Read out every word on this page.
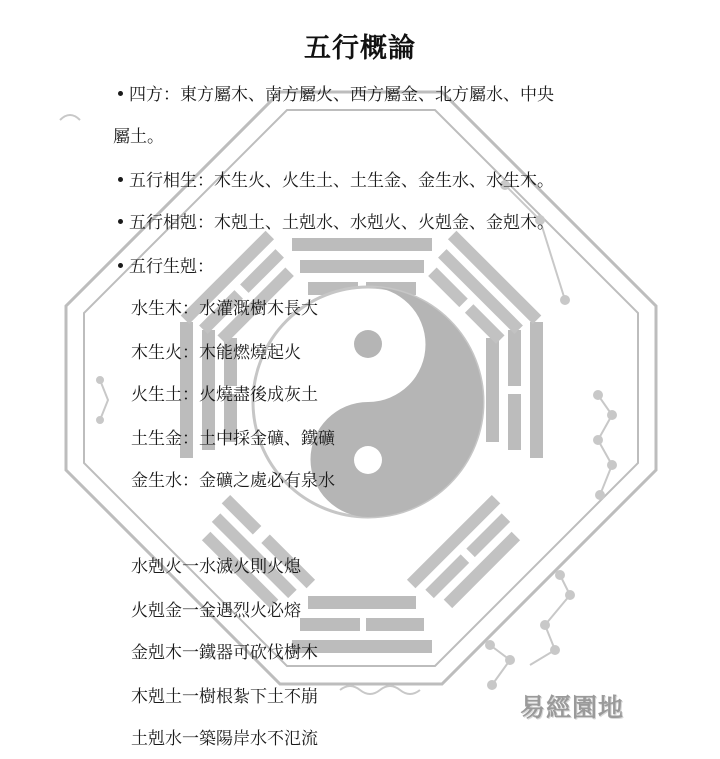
五行概論
四方：東方屬木、南方屬火、西方屬金、北方屬水、中央
屬土。
五行相生：木生火、火生土、土生金、金生水、水生木。
五行相剋：木剋土、土剋水、水剋火、火剋金、金剋木。
五行生剋：
水生木：水灌溉樹木長大
木生火：木能燃燒起火
火生土：火燒盡後成灰土
土生金：土中採金礦、鐵礦
金生水：金礦之處必有泉水
水剋火一水滅火則火熄
火剋金一金遇烈火必熔
金剋木一鐵器可砍伐樹木
木剋土一樹根紮下土不崩
土剋水一築陽岸水不氾流
易經園地
